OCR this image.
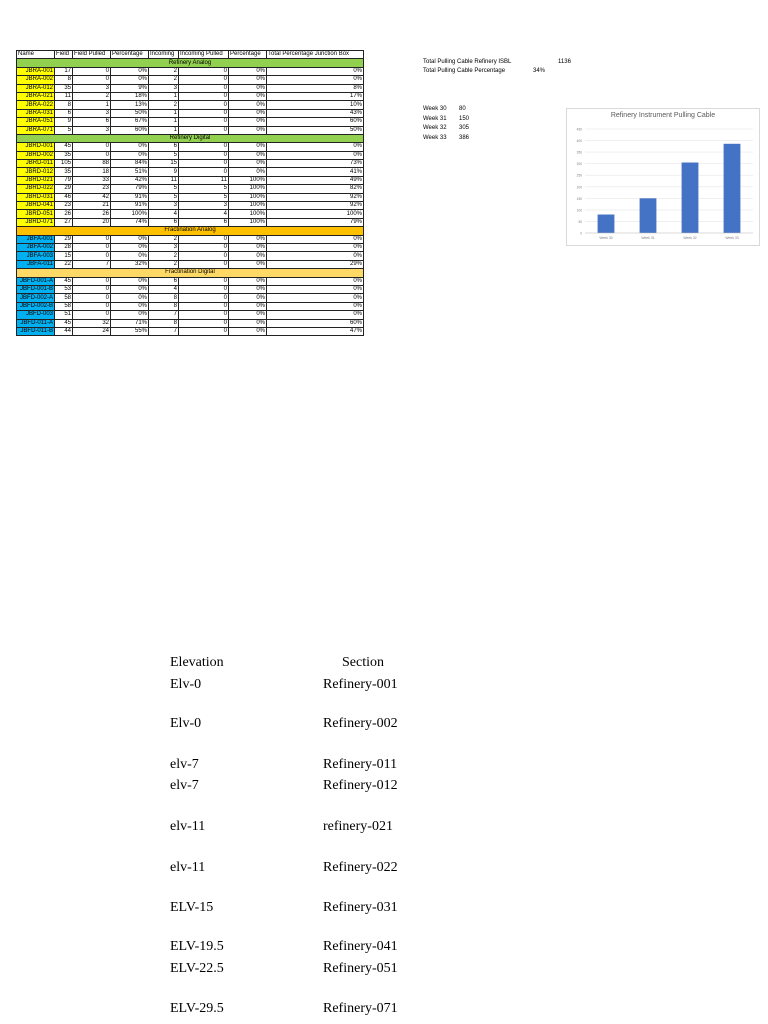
Name	Field	Field Pulled	Percentage	Incoming	Incoming Pulled	Percentage	Total Percentage Junction Box
Refinery Analog							
JBRA-001	17	0	0%	2	0	0%	0%
JBRA-002	8	0	0%	2	0	0%	0%
JBRA-012	35	3	9%	3	0	0%	8%
JBRA-021	11	2	18%	1	0	0%	17%
JBRA-022	8	1	13%	2	0	0%	10%
JBRA-031	6	3	50%	1	0	0%	43%
JBRA-051	9	6	67%	1	0	0%	60%
JBRA-071	5	3	60%	1	0	0%	50%
Refinery Digital							
JBRD-001	45	0	0%	6	0	0%	0%
JBRD-002	35	0	0%	5	0	0%	0%
JBRD-011	105	88	84%	15	0	0%	73%
JBRD-012	35	18	51%	9	0	0%	41%
JBRD-021	79	33	42%	11	11	100%	49%
JBRD-022	29	23	79%	5	5	100%	82%
JBRD-031	46	42	91%	5	5	100%	92%
JBRD-041	23	21	91%	3	3	100%	92%
JBRD-051	26	26	100%	4	4	100%	100%
JBRD-071	27	20	74%	6	6	100%	79%
Fractination Analog							
JBFA-001	29	0	0%	2	0	0%	0%
JBFA-002	28	0	0%	3	0	0%	0%
JBFA-003	15	0	0%	2	0	0%	0%
JBFA-011	22	7	32%	2	0	0%	29%
Fractination Digital							
JBFD-001-A	45	0	0%	6	0	0%	0%
JBFD-001-B	53	0	0%	4	0	0%	0%
JBFD-002-A	58	0	0%	8	0	0%	0%
JBFD-002-B	58	0	0%	8	0	0%	0%
JBFD-003	51	0	0%	7	0	0%	0%
JBFD-011-A	45	32	71%	8	0	0%	60%
JBFD-011-B	44	24	55%	7	0	0%	47%
Total Pulling Cable Refinery ISBL	1136
Total Pulling Cable Percentage	34%
Week 30 80
Week 31 150
Week 32 305
Week 33 386
Refinery Instrument Pulling Cable
0
50
100
150
200
250
300
350
400
450
Week 30	Week 31	Week 32	Week 33
Elevation	Section
Elv-0	Refinery-001
Elv-0	Refinery-002
elv-7	Refinery-011
elv-7	Refinery-012
elv-11	refinery-021
elv-11	Refinery-022
ELV-15	Refinery-031
ELV-19.5	Refinery-041
ELV-22.5	Refinery-051
ELV-29.5	Refinery-071
